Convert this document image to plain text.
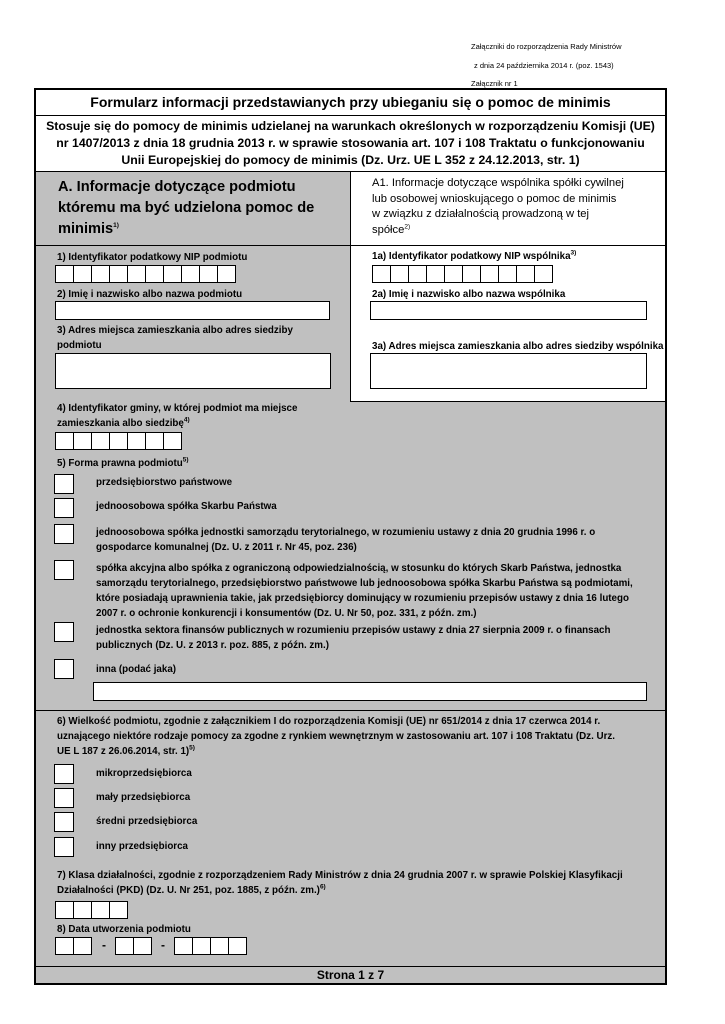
Załączniki do rozporządzenia Rady Ministrów
z dnia 24 października 2014 r. (poz. 1543)
Załącznik nr 1
Formularz informacji przedstawianych przy ubieganiu się o pomoc de minimis
Stosuje się do pomocy de minimis udzielanej na warunkach określonych w rozporządzeniu Komisji (UE) nr 1407/2013 z dnia 18 grudnia 2013 r. w sprawie stosowania art. 107 i 108 Traktatu o funkcjonowaniu Unii Europejskiej do pomocy de minimis (Dz. Urz. UE L 352 z 24.12.2013, str. 1)
A. Informacje dotyczące podmiotu
któremu ma być udzielona pomoc de
minimis$^{1)}$
A1. Informacje dotyczące wspólnika spółki cywilnej
lub osobowej wnioskującego o pomoc de minimis
w związku z działalnością prowadzoną w tej
spółce$^{2)}$
1) Identyfikator podatkowy NIP podmiotu	1a) Identyfikator podatkowy NIP wspólnika$^{3)}$
2) Imię i nazwisko albo nazwa podmiotu	2a) Imię i nazwisko albo nazwa wspólnika
3) Adres miejsca zamieszkania albo adres siedziby
podmiotu	3a) Adres miejsca zamieszkania albo adres siedziby wspólnika
4) Identyfikator gminy, w której podmiot ma miejsce
zamieszkania albo siedzibę$^{4)}$
5) Forma prawna podmiotu$^{5)}$
przedsiębiorstwo państwowe
jednoosobowa spółka Skarbu Państwa
jednoosobowa spółka jednostki samorządu terytorialnego, w rozumieniu ustawy z dnia 20 grudnia 1996 r. o gospodarce komunalnej (Dz. U. z 2011 r. Nr 45, poz. 236)
spółka akcyjna albo spółka z ograniczoną odpowiedzialnością, w stosunku do których Skarb Państwa, jednostka samorządu terytorialnego, przedsiębiorstwo państwowe lub jednoosobowa spółka Skarbu Państwa są podmiotami, które posiadają uprawnienia takie, jak przedsiębiorcy dominujący w rozumieniu przepisów ustawy z dnia 16 lutego 2007 r. o ochronie konkurencji i konsumentów (Dz. U. Nr 50, poz. 331, z późn. zm.)
jednostka sektora finansów publicznych w rozumieniu przepisów ustawy z dnia 27 sierpnia 2009 r. o finansach publicznych (Dz. U. z 2013 r. poz. 885, z późn. zm.)
inna (podać jaka)
6) Wielkość podmiotu, zgodnie z załącznikiem I do rozporządzenia Komisji (UE) nr 651/2014 z dnia 17 czerwca 2014 r.
uznającego niektóre rodzaje pomocy za zgodne z rynkiem wewnętrznym w zastosowaniu art. 107 i 108 Traktatu (Dz. Urz.
UE L 187 z 26.06.2014, str. 1)$^{5)}$
mikroprzedsiębiorca
mały przedsiębiorca
średni przedsiębiorca
inny przedsiębiorca
7) Klasa działalności, zgodnie z rozporządzeniem Rady Ministrów z dnia 24 grudnia 2007 r. w sprawie Polskiej Klasyfikacji
Działalności (PKD) (Dz. U. Nr 251, poz. 1885, z późn. zm.)$^{6)}$
8) Data utworzenia podmiotu
-	-
Strona 1 z 7
